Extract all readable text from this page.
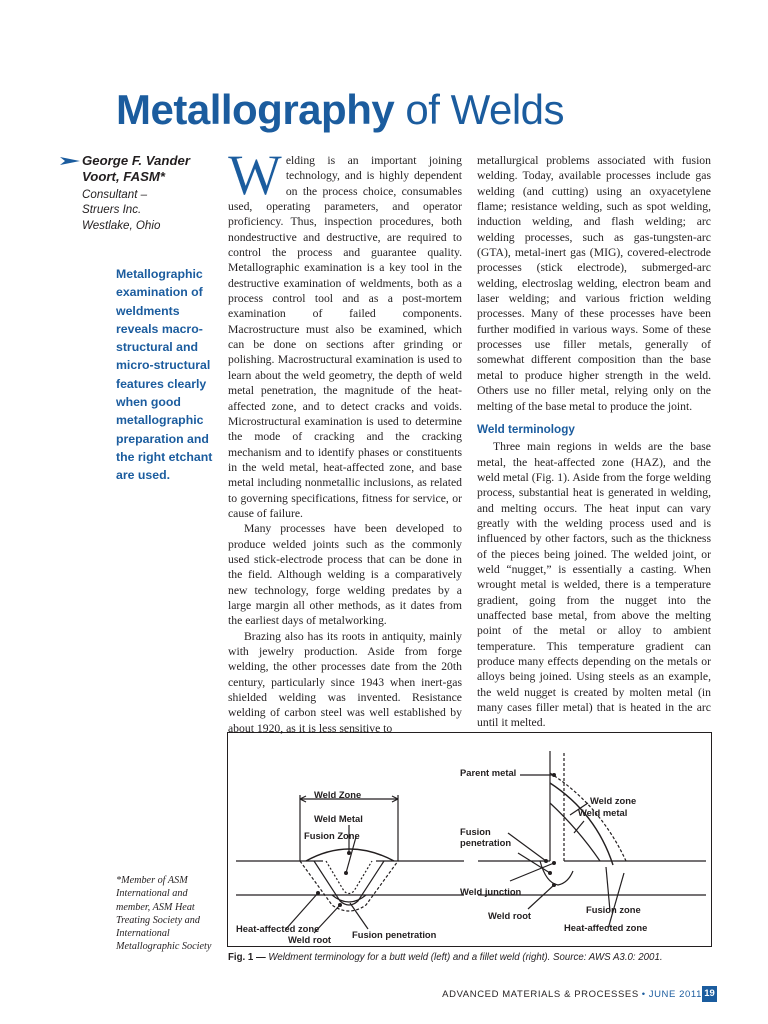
Metallography of Welds
George F. Vander Voort, FASM*
Consultant –
Struers Inc.
Westlake, Ohio
Metallographic examination of weldments reveals macro-structural and micro-structural features clearly when good metallographic preparation and the right etchant are used.

Welding is an important joining technology, and is highly dependent on the process choice, consumables used, operating parameters, and operator proficiency. Thus, inspection procedures, both nondestructive and destructive, are required to control the process and guarantee quality. Metallographic examination is a key tool in the destructive examination of weldments, both as a process control tool and as a post-mortem examination of failed components. Macrostructure must also be examined, which can be done on sections after grinding or polishing. Macrostructural examination is used to learn about the weld geometry, the depth of weld metal penetration, the magnitude of the heat-affected zone, and to detect cracks and voids. Microstructural examination is used to determine the mode of cracking and the cracking mechanism and to identify phases or constituents in the weld metal, heat-affected zone, and base metal including nonmetallic inclusions, as related to governing specifications, fitness for service, or cause of failure.

Many processes have been developed to produce welded joints such as the commonly used stick-electrode process that can be done in the field. Although welding is a comparatively new technology, forge welding predates by a large margin all other methods, as it dates from the earliest days of metalworking.

Brazing also has its roots in antiquity, mainly with jewelry production. Aside from forge welding, the other processes date from the 20th century, particularly since 1943 when inert-gas shielded welding was invented. Resistance welding of carbon steel was well established by about 1920, as it is less sensitive to

metallurgical problems associated with fusion welding. Today, available processes include gas welding (and cutting) using an oxyacetylene flame; resistance welding, such as spot welding, induction welding, and flash welding; arc welding processes, such as gas-tungsten-arc (GTA), metal-inert gas (MIG), covered-electrode processes (stick electrode), submerged-arc welding, electroslag welding, electron beam and laser welding; and various friction welding processes. Many of these processes have been further modified in various ways. Some of these processes use filler metals, generally of somewhat different composition than the base metal to produce higher strength in the weld. Others use no filler metal, relying only on the melting of the base metal to produce the joint.

Weld terminology

Three main regions in welds are the base metal, the heat-affected zone (HAZ), and the weld metal (Fig. 1). Aside from the forge welding process, substantial heat is generated in welding, and melting occurs. The heat input can vary greatly with the welding process used and is influenced by other factors, such as the thickness of the pieces being joined. The welded joint, or weld “nugget,” is essentially a casting. When wrought metal is welded, there is a temperature gradient, going from the nugget into the unaffected base metal, from above the melting point of the metal or alloy to ambient temperature. This temperature gradient can produce many effects depending on the metals or alloys being joined. Using steels as an example, the weld nugget is created by molten metal (in many cases filler metal) that is heated in the arc until it melted.

Weld Zone
Weld Metal
Fusion Zone
Heat-affected zone
Weld root Fusion penetration
Parent metal
Fusion
penetration
Weld junction
Weld root
Weld zone
Weld metal
Fusion zone
Heat-affected zone
Fig. 1 — Weldment terminology for a butt weld (left) and a fillet weld (right). Source: AWS A3.0: 2001.
*Member of ASM International and member, ASM Heat Treating Society and International Metallographic Society
ADVANCED MATERIALS & PROCESSES • JUNE 2011 19
